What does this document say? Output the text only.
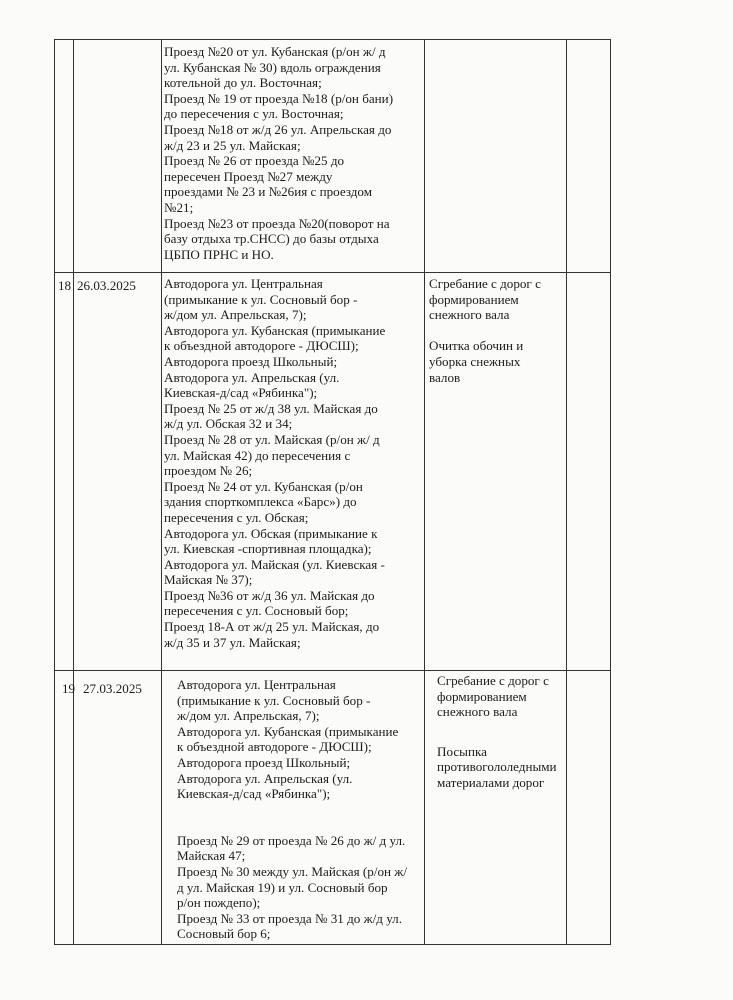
Проезд №20 от ул. Кубанская (р/он ж/ д
ул. Кубанская № 30) вдоль ограждения
котельной до ул. Восточная;
Проезд № 19 от проезда №18 (р/он бани)
до пересечения с ул. Восточная;
Проезд №18 от ж/д 26 ул. Апрельская до
ж/д 23 и 25 ул. Майская;
Проезд № 26 от проезда №25 до
пересечен Проезд №27 между
проездами № 23 и №26ия с проездом
№21;
Проезд №23 от проезда №20(поворот на
базу отдыха тр.СНСС) до базы отдыха
ЦБПО ПРНС и НО.
18 26.03.2025 Автодорога ул. Центральная
(примыкание к ул. Сосновый бор -
ж/дом ул. Апрельская, 7);
Автодорога ул. Кубанская (примыкание
к объездной автодороге - ДЮСШ);
Автодорога проезд Школьный;
Автодорога ул. Апрельская (ул.
Киевская-д/сад «Рябинка");
Проезд № 25 от ж/д 38 ул. Майская до
ж/д ул. Обская 32 и 34;
Проезд № 28 от ул. Майская (р/он ж/ д
ул. Майская 42) до пересечения с
проездом № 26;
Проезд № 24 от ул. Кубанская (р/он
здания спорткомплекса «Барс») до
пересечения с ул. Обская;
Автодорога ул. Обская (примыкание к
ул. Киевская -спортивная площадка);
Автодорога ул. Майская (ул. Киевская -
Майская № 37);
Проезд №36 от ж/д 36 ул. Майская до
пересечения с ул. Сосновый бор;
Проезд 18-А от ж/д 25 ул. Майская, до
ж/д 35 и 37 ул. Майская;
Сгребание с дорог с
формированием
снежного вала

Очитка обочин и
уборка снежных
валов
19 27.03.2025	Автодорога ул. Центральная
(примыкание к ул. Сосновый бор -
ж/дом ул. Апрельская, 7);
Автодорога ул. Кубанская (примыкание
к объездной автодороге - ДЮСШ);
Автодорога проезд Школьный;
Автодорога ул. Апрельская (ул.
Киевская-д/сад «Рябинка");

Проезд № 29 от проезда № 26 до ж/ д ул.
Майская 47;
Проезд № 30 между ул. Майская (р/он ж/
д ул. Майская 19) и ул. Сосновый бор
р/он пождепо);
Проезд № 33 от проезда № 31 до ж/д ул.
Сосновый бор 6;
Сгребание с дорог с
формированием
снежного вала

Посыпка
противогололедными
материалами дорог
